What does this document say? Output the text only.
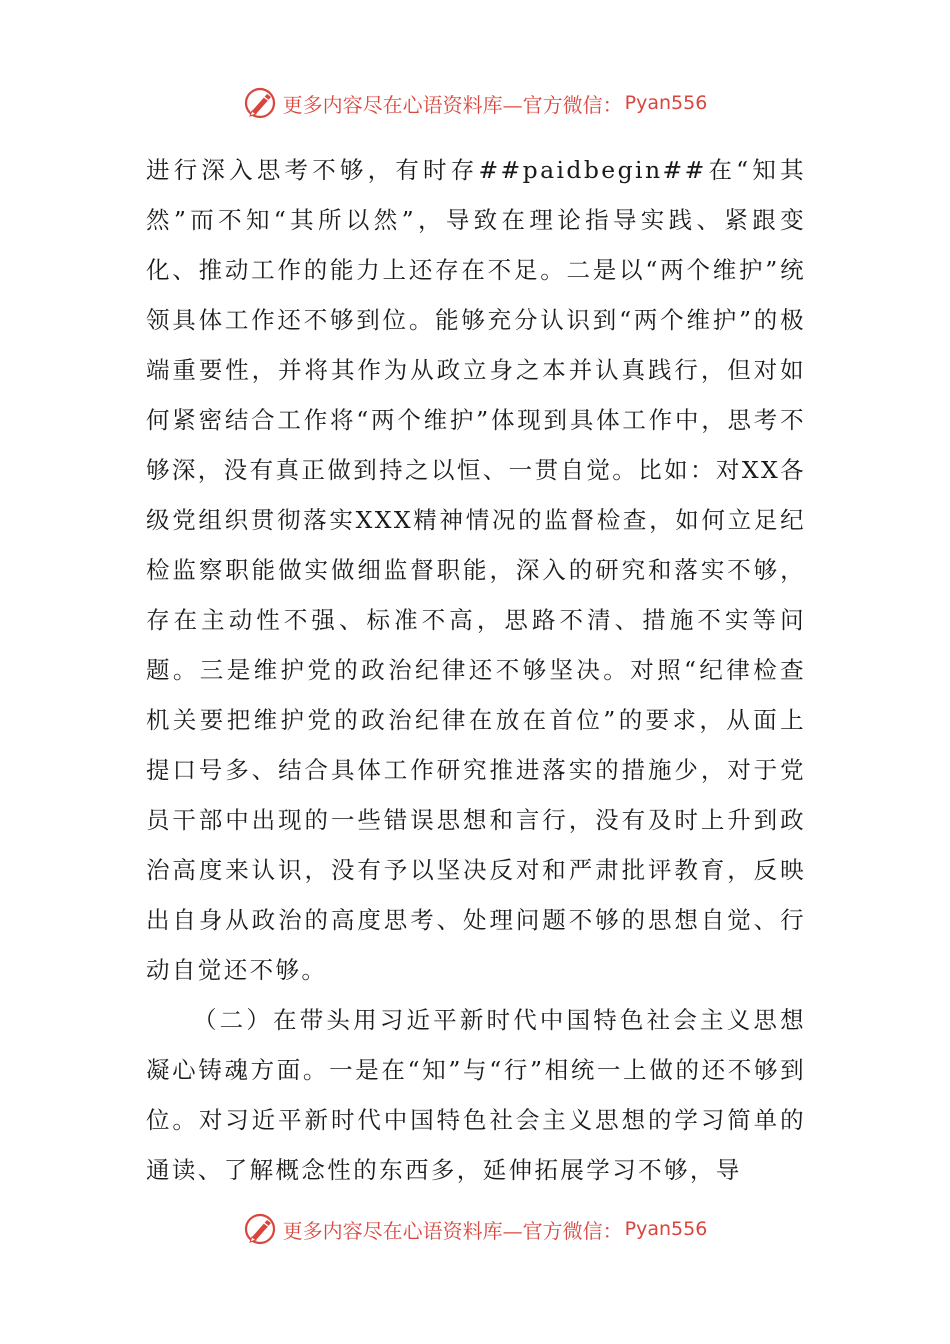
更多内容尽在心语资料库—官方微信： Pyan556

进行深入思考不够，有时存##paidbegin##在“知其然”而不知“其所以然”，导致在理论指导实践、紧跟变化、推动工作的能力上还存在不足。二是以“两个维护”统领具体工作还不够到位。能够充分认识到“两个维护”的极端重要性，并将其作为从政立身之本并认真践行，但对如何紧密结合工作将“两个维护”体现到具体工作中，思考不够深，没有真正做到持之以恒、一贯自觉。比如：对XX各级党组织贯彻落实XXX精神情况的监督检查，如何立足纪检监察职能做实做细监督职能，深入的研究和落实不够，存在主动性不强、标准不高，思路不清、措施不实等问题。三是维护党的政治纪律还不够坚决。对照“纪律检查机关要把维护党的政治纪律在放在首位”的要求，从面上提口号多、结合具体工作研究推进落实的措施少，对于党员干部中出现的一些错误思想和言行，没有及时上升到政治高度来认识，没有予以坚决反对和严肃批评教育，反映出自身从政治的高度思考、处理问题不够的思想自觉、行动自觉还不够。

（二）在带头用习近平新时代中国特色社会主义思想凝心铸魂方面。一是在“知”与“行”相统一上做的还不够到位。对习近平新时代中国特色社会主义思想的学习简单的通读、了解概念性的东西多，延伸拓展学习不够，导

更多内容尽在心语资料库—官方微信： Pyan556
